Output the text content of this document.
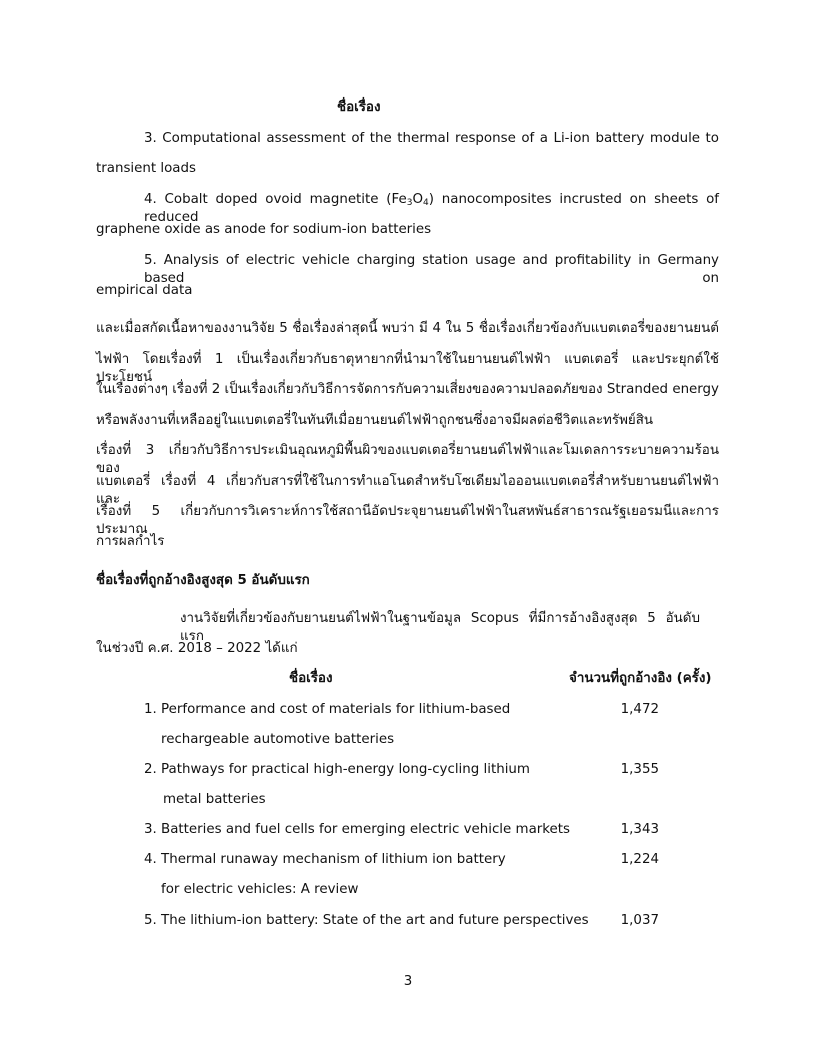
ชื่อเรื่อง
3. Computational assessment of the thermal response of a Li-ion battery module to
transient loads
4. Cobalt doped ovoid magnetite $(Fe_3O_4)$ nanocomposites incrusted on sheets of reduced
graphene oxide as anode for sodium-ion batteries
5. Analysis of electric vehicle charging station usage and profitability in Germany based on
empirical data
และเมื่อสกัดเนื้อหาของงานวิจัย 5 ชื่อเรื่องล่าสุดนี้ พบว่า มี 4 ใน 5 ชื่อเรื่องเกี่ยวข้องกับแบตเตอรี่ของยานยนต์
ไฟฟ้า โดยเรื่องที่ 1 เป็นเรื่องเกี่ยวกับธาตุหายากที่นำมาใช้ในยานยนต์ไฟฟ้า แบตเตอรี่ และประยุกต์ใช้ประโยชน์
ในเรื่องต่างๆ เรื่องที่ 2 เป็นเรื่องเกี่ยวกับวิธีการจัดการกับความเสี่ยงของความปลอดภัยของ Stranded energy
หรือพลังงานที่เหลืออยู่ในแบตเตอรี่ในทันทีเมื่อยานยนต์ไฟฟ้าถูกชนซึ่งอาจมีผลต่อชีวิตและทรัพย์สิน
เรื่องที่ 3 เกี่ยวกับวิธีการประเมินอุณหภูมิพื้นผิวของแบตเตอรี่ยานยนต์ไฟฟ้าและโมเดลการระบายความร้อนของ
แบตเตอรี่ เรื่องที่ 4 เกี่ยวกับสารที่ใช้ในการทำแอโนดสำหรับโซเดียมไอออนแบตเตอรี่สำหรับยานยนต์ไฟฟ้า และ
เรื่องที่ 5 เกี่ยวกับการวิเคราะห์การใช้สถานีอัดประจุยานยนต์ไฟฟ้าในสหพันธ์สาธารณรัฐเยอรมนีและการประมาณ
การผลกำไร
ชื่อเรื่องที่ถูกอ้างอิงสูงสุด 5 อันดับแรก
งานวิจัยที่เกี่ยวข้องกับยานยนต์ไฟฟ้าในฐานข้อมูล Scopus ที่มีการอ้างอิงสูงสุด 5 อันดับแรก
ในช่วงปี ค.ศ. 2018 – 2022 ได้แก่
ชื่อเรื่อง	จำนวนที่ถูกอ้างอิง (ครั้ง)
1. Performance and cost of materials for lithium-based
rechargeable automotive batteries
1,472
2. Pathways for practical high-energy long-cycling lithium
metal batteries
1,355
3. Batteries and fuel cells for emerging electric vehicle markets	1,343
4. Thermal runaway mechanism of lithium ion battery
for electric vehicles: A review
1,224
5. The lithium-ion battery: State of the art and future perspectives	1,037
3
